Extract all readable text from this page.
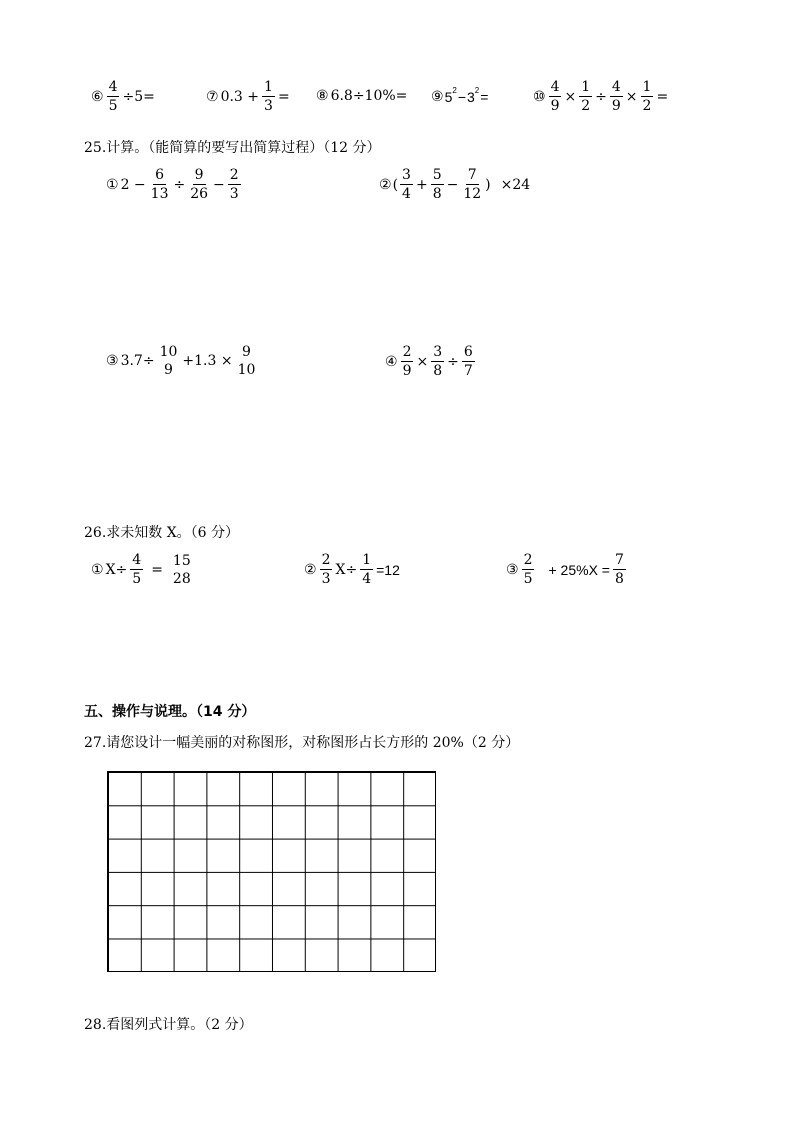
⑥ $\frac{4}{5} \div 5=$	⑦ $0.3 + \frac{1}{3}$ = ⑧ 6.8÷10%= ⑨ 5 2 − 3 2 =	⑩ $\frac{4}{9} \times \frac{1}{2} \div \frac{4}{9} \times \frac{1}{2}$ =
25.计算。（能简算的要写出简算过程）（12 分）
① $2 - \frac{6}{13} \div \frac{9}{26} - \frac{2}{3}$	② ( $\frac{3}{4} + \frac{5}{8} - \frac{7}{12}$ ) ×24
③ 3.7÷
10
9
+1.3 ×
9
10
④ $\frac{2}{9} \times \frac{3}{8} \div \frac{6}{7}$
26.求未知数 X。（6 分）
① $X\div \frac{4}{5}$ =
15
28
② $\frac{2}{3} X\div \frac{1}{4} =12$	③ $\frac{2}{5} + 25\%X = \frac{7}{8}$
五、操作与说理。（14 分）
27.请您设计一幅美丽的对称图形，对称图形占长方形的 20%（2 分）
28.看图列式计算。（2 分）
